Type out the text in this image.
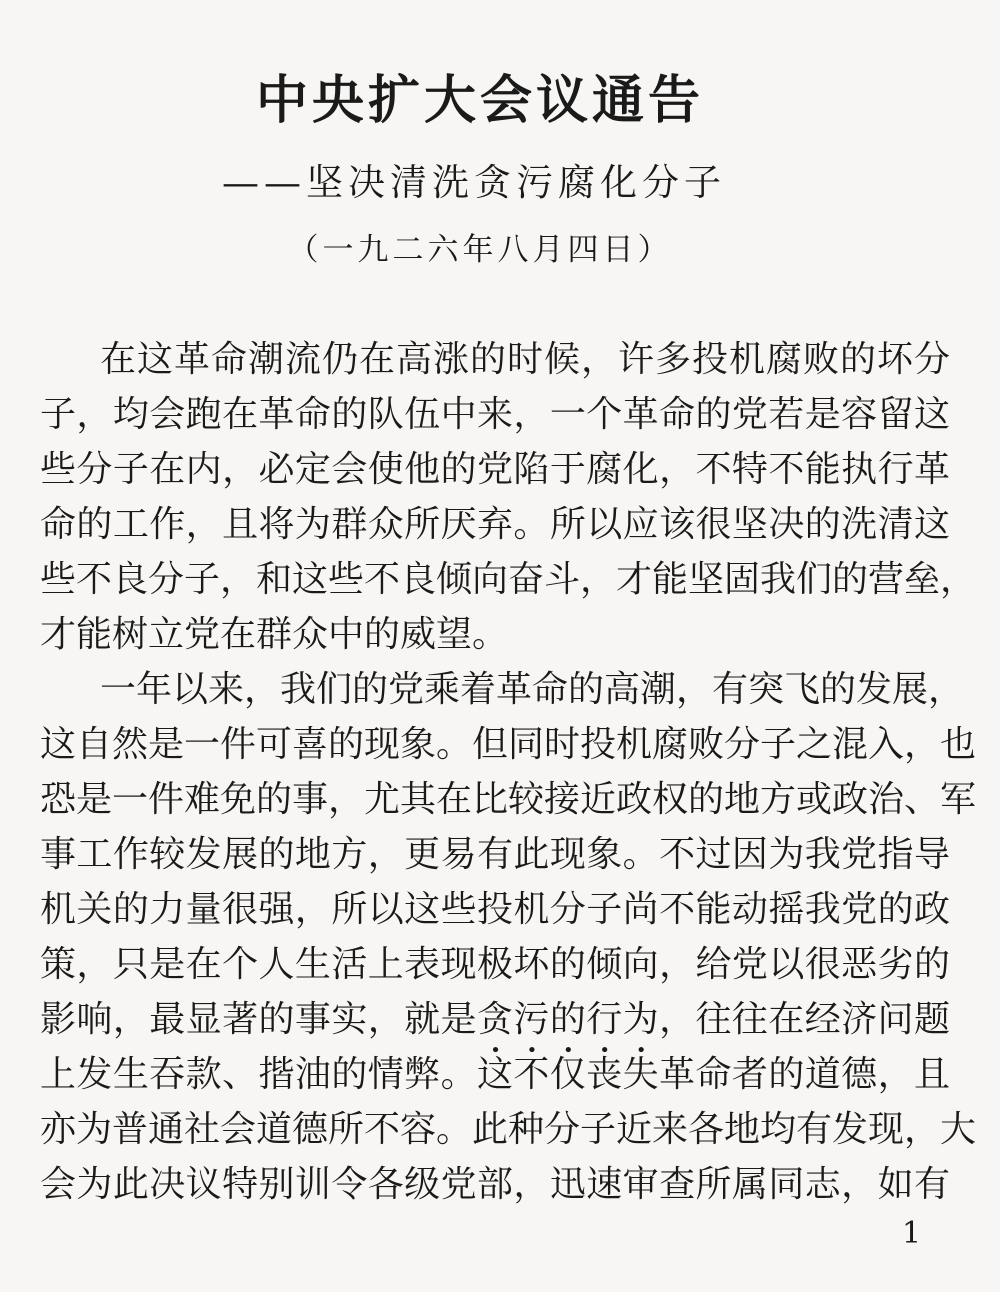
中央扩大会议通告
——坚决清洗贪污腐化分子
（一九二六年八月四日）
在这革命潮流仍在高涨的时候，许多投机腐败的坏分
子，均会跑在革命的队伍中来，一个革命的党若是容留这
些分子在内，必定会使他的党陷于腐化，不特不能执行革
命的工作，且将为群众所厌弃。所以应该很坚决的洗清这
些不良分子，和这些不良倾向奋斗，才能坚固我们的营垒，
才能树立党在群众中的威望。
一年以来，我们的党乘着革命的高潮，有突飞的发展，
这自然是一件可喜的现象。但同时投机腐败分子之混入，也
恐是一件难免的事，尤其在比较接近政权的地方或政治、军
事工作较发展的地方，更易有此现象。不过因为我党指导
机关的力量很强，所以这些投机分子尚不能动摇我党的政
策，只是在个人生活上表现极坏的倾向，给党以很恶劣的
影响，最显著的事实，就是贪污的行为，往往在经济问题
上发生吞款、揩油的情弊。这不仅丧失革命者的道德，且
亦为普通社会道德所不容。此种分子近来各地均有发现，大
会为此决议特别训令各级党部，迅速审查所属同志，如有
1
